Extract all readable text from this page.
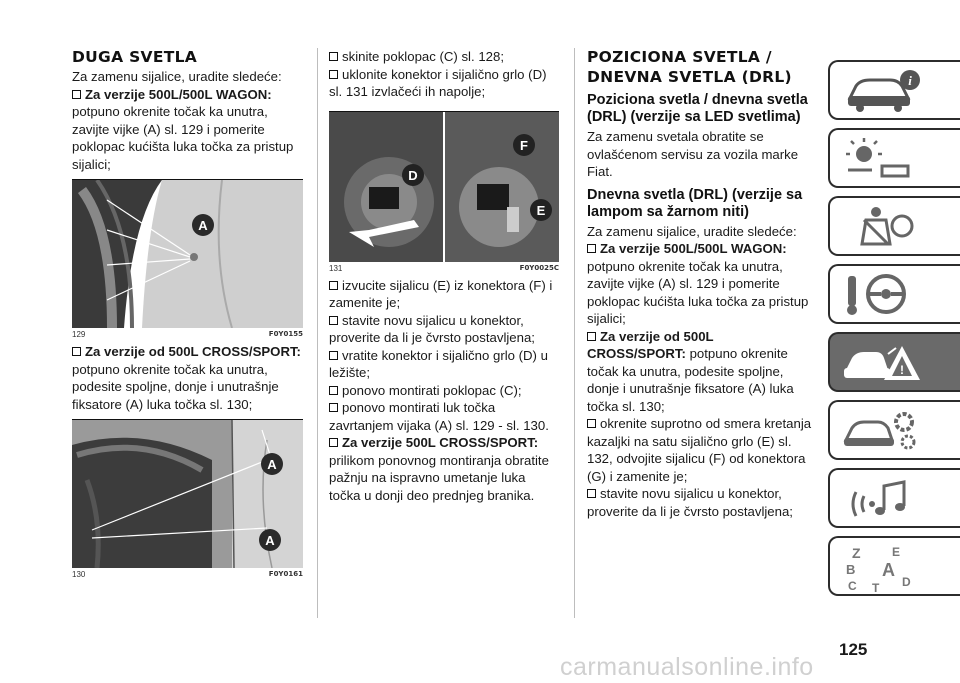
DUGA SVETLA

Za zamenu sijalice, uradite sledeće:

Za verzije 500L/500L WAGON:

potpuno okrenite točak ka unutra, zavijte vijke (A) sl. 129 i pomerite poklopac kućišta luka točka za pristup sijalici;

A
129	F0Y0155

Za verzije od 500L CROSS/SPORT: potpuno okrenite točak ka unutra, podesite spoljne, donje i unutrašnje fiksatore (A) luka točka sl. 130;

A
A
130	F0Y0161

skinite poklopac (C) sl. 128;

uklonite konektor i sijalično grlo (D) sl. 131 izvlačeći ih napolje;

D
F
E
131	F0Y0025C

izvucite sijalicu (E) iz konektora (F) i zamenite je;

stavite novu sijalicu u konektor, proverite da li je čvrsto postavljena;

vratite konektor i sijalično grlo (D) u ležište;

ponovo montirati poklopac (C);

ponovo montirati luk točka

zavrtanjem vijaka (A) sl. 129 - sl. 130.

Za verzije 500L CROSS/SPORT:

prilikom ponovnog montiranja obratite pažnju na ispravno umetanje luka točka u donji deo prednjeg branika.

POZICIONA SVETLA /
DNEVNA SVETLA (DRL)
Poziciona svetla / dnevna svetla (DRL) (verzije sa LED svetlima)

Za zamenu svetala obratite se ovlašćenom servisu za vozila marke Fiat.

Dnevna svetla (DRL) (verzije sa lampom sa žarnom niti)

Za zamenu sijalice, uradite sledeće:

Za verzije 500L/500L WAGON:

potpuno okrenite točak ka unutra, zavijte vijke (A) sl. 129 i pomerite poklopac kućišta luka točka za pristup sijalici;

Za verzije od 500L CROSS/SPORT: potpuno okrenite točak ka unutra, podesite spoljne, donje i unutrašnje fiksatore (A) luka točka sl. 130;

okrenite suprotno od smera kretanja kazaljki na satu sijalično grlo (E) sl. 132, odvojite sijalicu (F) od konektora (G) i zamenite je;

stavite novu sijalicu u konektor, proverite da li je čvrsto postavljena;

i
!
Z	E
B A
C T D
125
carmanualsonline.info
